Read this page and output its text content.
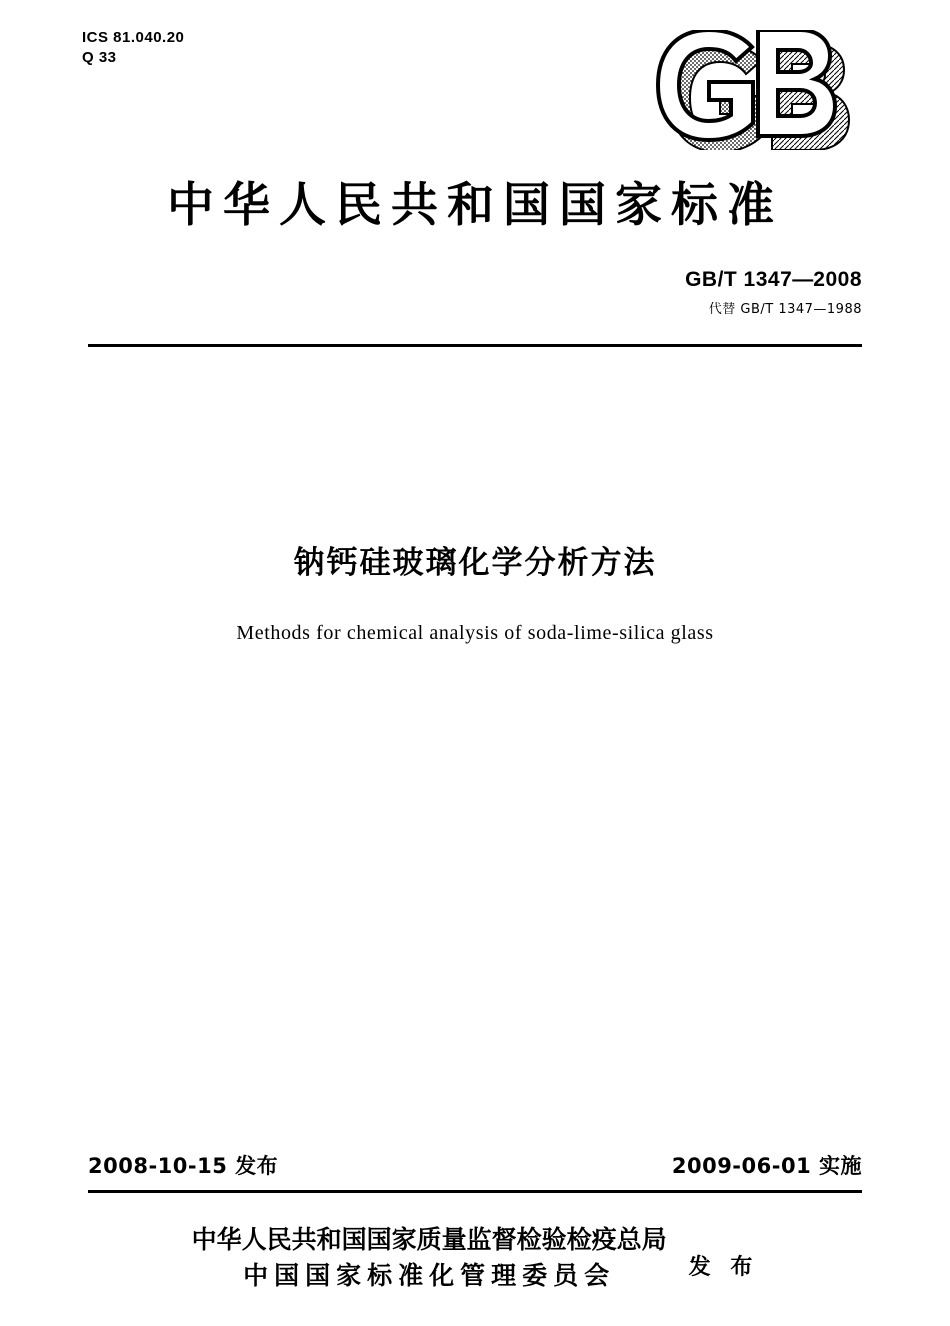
ICS 81.040.20
Q 33
中华人民共和国国家标准
GB/T 1347—2008
代替 GB/T 1347—1988
钠钙硅玻璃化学分析方法
Methods for chemical analysis of soda-lime-silica glass
2008-10-15 发布	2009-06-01 实施
中华人民共和国国家质量监督检验检疫总局
中国国家标准化管理委员会	发 布
